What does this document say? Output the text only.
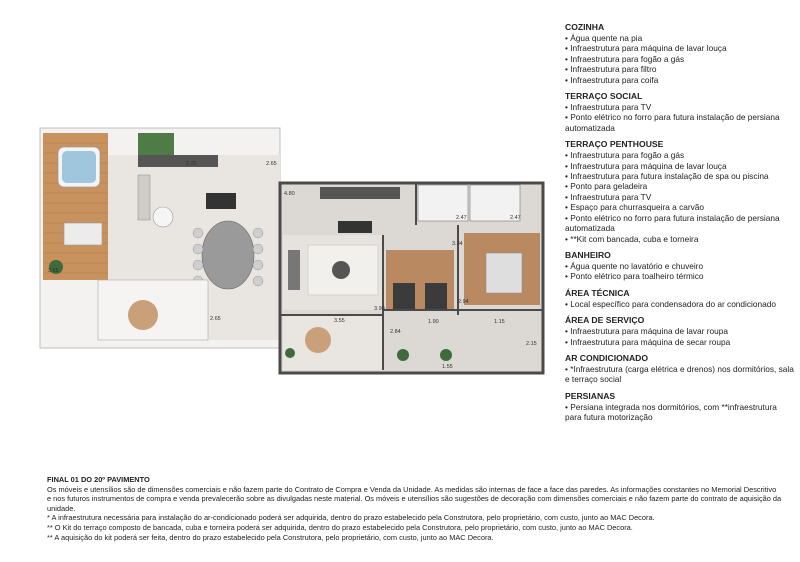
2.25	2.65
4.80
2.47	2.47
3.34
3.65
2.65	3.55
3.90
2.94
2.84
1.90
2.15
1.15
1.55

COZINHA

• Água quente na pia
• Infraestrutura para máquina de lavar louça
• Infraestrutura para fogão a gás
• Infraestrutura para filtro
• Infraestrutura para coifa

TERRAÇO SOCIAL

• Infraestrutura para TV
• Ponto elétrico no forro para futura instalação de persiana automatizada

TERRAÇO PENTHOUSE

• Infraestrutura para fogão a gás
• Infraestrutura para máquina de lavar louça
• Infraestrutura para futura instalação de spa ou piscina
• Ponto para geladeira
• Infraestrutura para TV
• Espaço para churrasqueira a carvão
• Ponto elétrico no forro para futura instalação de persiana automatizada
• **Kit com bancada, cuba e torneira

BANHEIRO

• Água quente no lavatório e chuveiro
• Ponto elétrico para toalheiro térmico

ÁREA TÉCNICA

• Local específico para condensadora do ar condicionado

ÁREA DE SERVIÇO

• Infraestrutura para máquina de lavar roupa
• Infraestrutura para máquina de secar roupa

AR CONDICIONADO

• *Infraestrutura (carga elétrica e drenos) nos dormitórios, sala e terraço social

PERSIANAS

• Persiana integrada nos dormitórios, com **infraestrutura para futura motorização

FINAL 01 DO 20º PAVIMENTO

Os móveis e utensílios são de dimensões comerciais e não fazem parte do Contrato de Compra e Venda da Unidade. As medidas são internas de face a face das paredes. As informações constantes no Memorial Descritivo e nos futuros instrumentos de compra e venda prevalecerão sobre as divulgadas neste material. Os móveis e utensílios são sugestões de decoração com dimensões comerciais e não fazem parte do contrato de aquisição da unidade.

* A infraestrutura necessária para instalação do ar-condicionado poderá ser adquirida, dentro do prazo estabelecido pela Construtora, pelo proprietário, com custo, junto ao MAC Decora.

** O Kit do terraço composto de bancada, cuba e torneira poderá ser adquirida, dentro do prazo estabelecido pela Construtora, pelo proprietário, com custo, junto ao MAC Decora.

** A aquisição do kit poderá ser feita, dentro do prazo estabelecido pela Construtora, pelo proprietário, com custo, junto ao MAC Decora.
